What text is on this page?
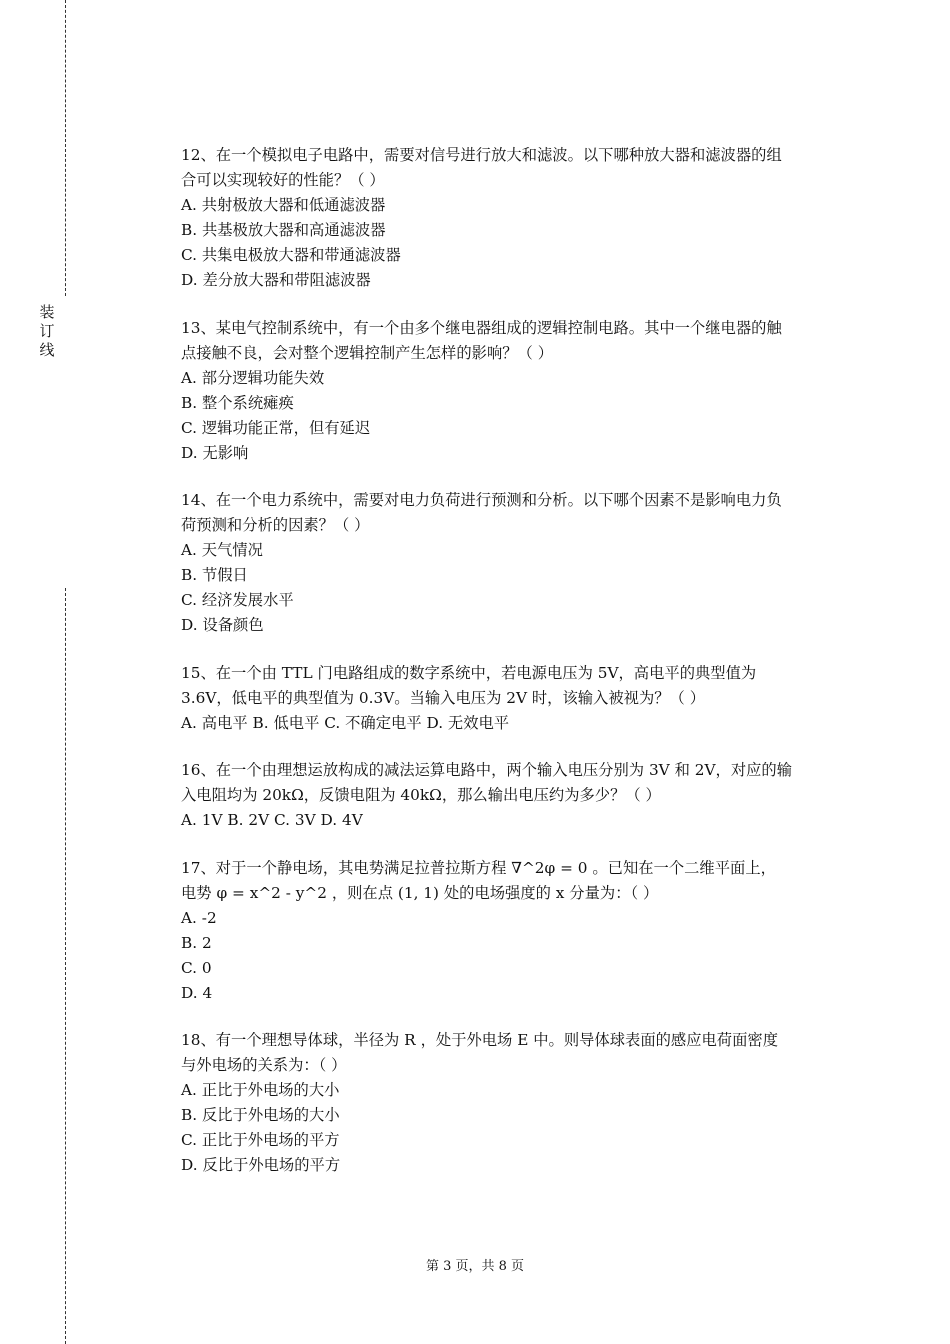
装订线

12、在一个模拟电子电路中，需要对信号进行放大和滤波。以下哪种放大器和滤波器的组

合可以实现较好的性能？（ ）

A. 共射极放大器和低通滤波器

B. 共基极放大器和高通滤波器

C. 共集电极放大器和带通滤波器

D. 差分放大器和带阻滤波器

13、某电气控制系统中，有一个由多个继电器组成的逻辑控制电路。其中一个继电器的触

点接触不良，会对整个逻辑控制产生怎样的影响？（ ）

A. 部分逻辑功能失效

B. 整个系统瘫痪

C. 逻辑功能正常，但有延迟

D. 无影响

14、在一个电力系统中，需要对电力负荷进行预测和分析。以下哪个因素不是影响电力负

荷预测和分析的因素？（ ）

A. 天气情况

B. 节假日

C. 经济发展水平

D. 设备颜色

15、在一个由 TTL 门电路组成的数字系统中，若电源电压为 5V，高电平的典型值为

3.6V，低电平的典型值为 0.3V。当输入电压为 2V 时，该输入被视为？（ ）

A. 高电平 B. 低电平 C. 不确定电平 D. 无效电平

16、在一个由理想运放构成的减法运算电路中，两个输入电压分别为 3V 和 2V，对应的输

入电阻均为 20kΩ，反馈电阻为 40kΩ，那么输出电压约为多少？（ ）

A. 1V B. 2V C. 3V D. 4V

17、对于一个静电场，其电势满足拉普拉斯方程 ∇^2φ = 0 。已知在一个二维平面上，

电势 φ = x^2 - y^2 ，则在点 (1, 1) 处的电场强度的 x 分量为：（ ）

A. -2

B. 2

C. 0

D. 4

18、有一个理想导体球，半径为 R ，处于外电场 E 中。则导体球表面的感应电荷面密度

与外电场的关系为：（ ）

A. 正比于外电场的大小

B. 反比于外电场的大小

C. 正比于外电场的平方

D. 反比于外电场的平方

第 3 页，共 8 页
